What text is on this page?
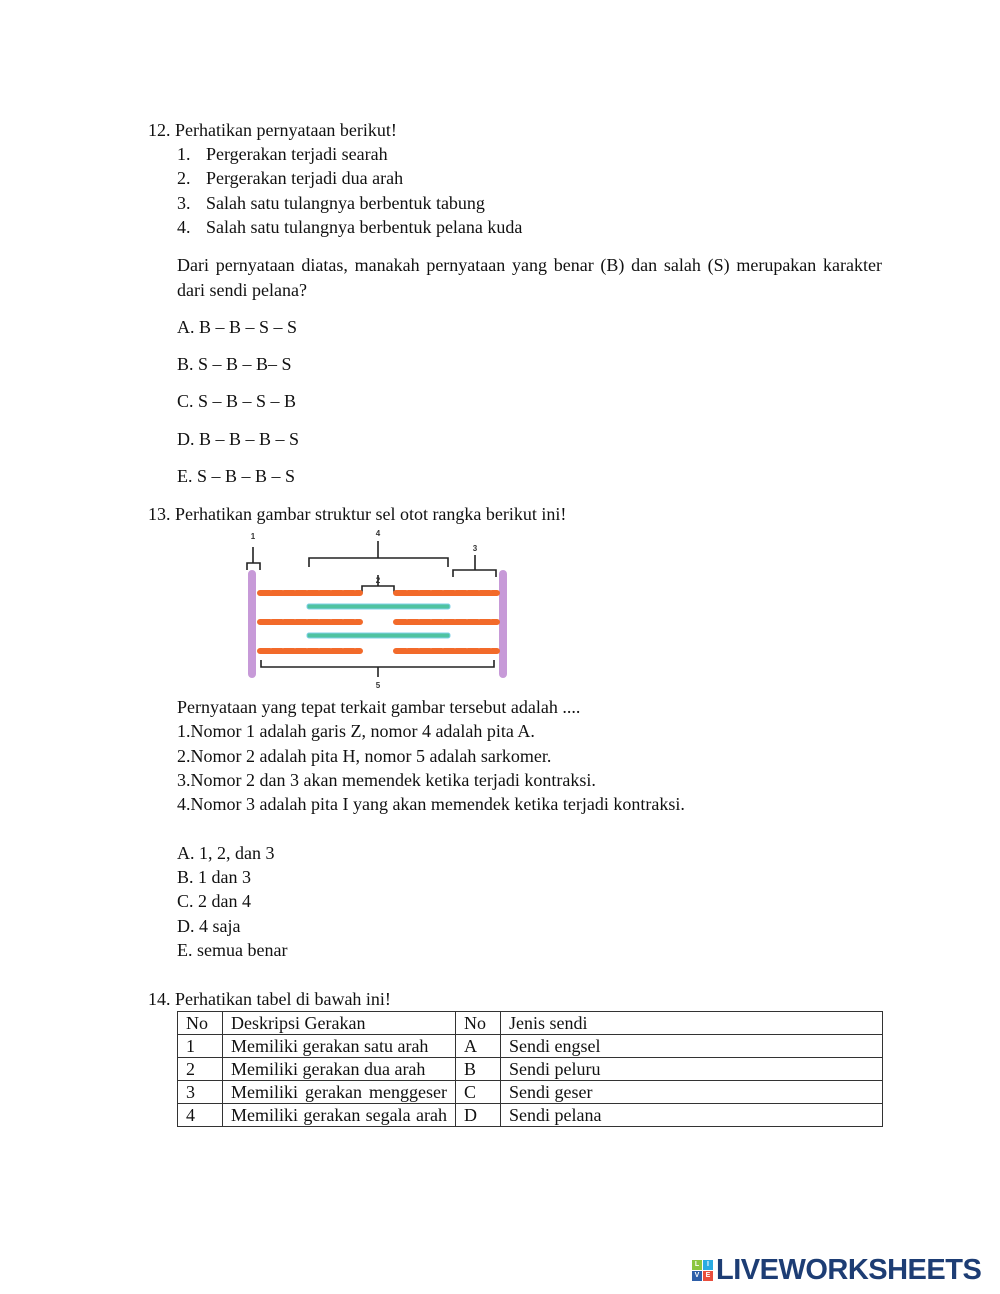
12. Perhatikan pernyataan berikut!
1. Pergerakan terjadi searah
2. Pergerakan terjadi dua arah
3. Salah satu tulangnya berbentuk tabung
4. Salah satu tulangnya berbentuk pelana kuda
Dari pernyataan diatas, manakah pernyataan yang benar (B) dan salah (S) merupakan karakter dari sendi pelana?
A. B – B – S – S
B. S – B – B– S
C. S – B – S – B
D. B – B – B – S
E. S – B – B – S
13. Perhatikan gambar struktur sel otot rangka berikut ini!
1
2
3
4
5
Pernyataan yang tepat terkait gambar tersebut adalah ....
1.Nomor 1 adalah garis Z, nomor 4 adalah pita A.
2.Nomor 2 adalah pita H, nomor 5 adalah sarkomer.
3.Nomor 2 dan 3 akan memendek ketika terjadi kontraksi.
4.Nomor 3 adalah pita I yang akan memendek ketika terjadi kontraksi.
A. 1, 2, dan 3
B. 1 dan 3
C. 2 dan 4
D. 4 saja
E. semua benar
14. Perhatikan tabel di bawah ini!
No	Deskripsi Gerakan	No	Jenis sendi
1	Memiliki gerakan satu arah	A	Sendi engsel
2	Memiliki gerakan dua arah	B	Sendi peluru
3	Memiliki gerakan menggeser	C	Sendi geser
4	Memiliki gerakan segala arah	D	Sendi pelana
L	I
V E LIVEWORKSHEETS
